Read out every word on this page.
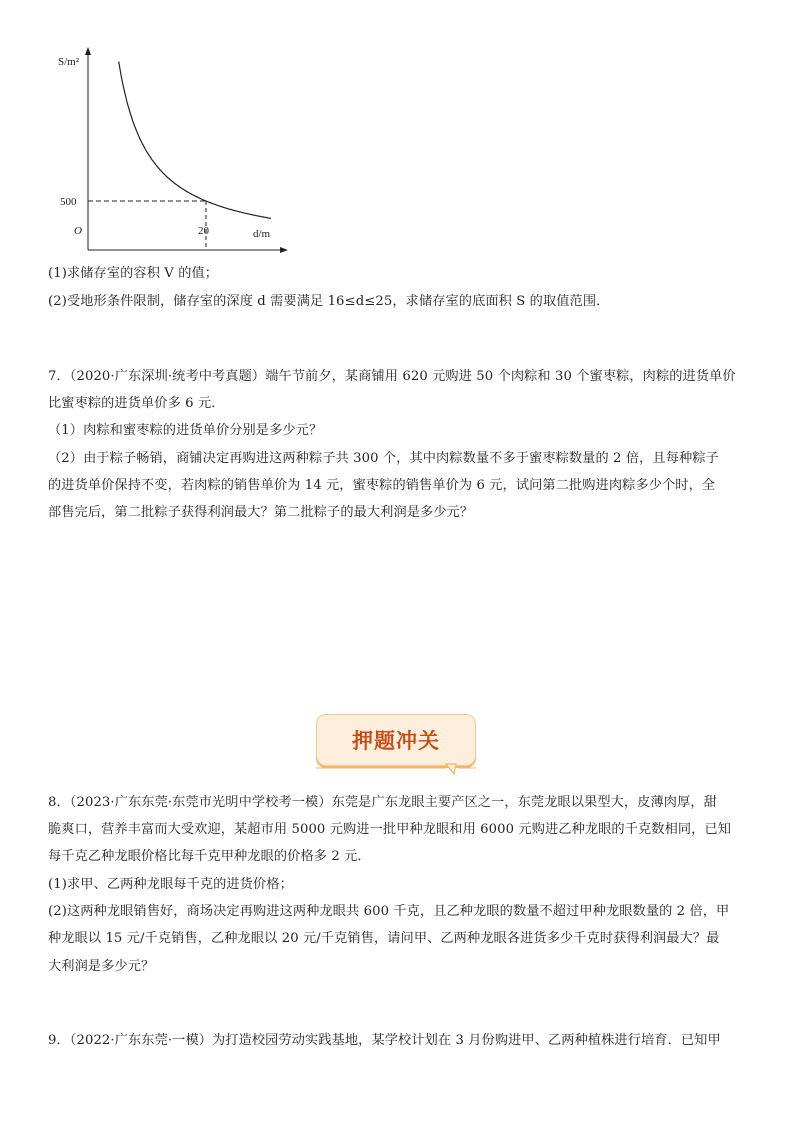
S/m²
500
O	20	d/m
(1)求储存室的容积 V 的值；
(2)受地形条件限制，储存室的深度 d 需要满足 16≤d≤25，求储存室的底面积 S 的取值范围．
7．（2020·广东深圳·统考中考真题）端午节前夕，某商铺用 620 元购进 50 个肉粽和 30 个蜜枣粽，肉粽的进货单价
比蜜枣粽的进货单价多 6 元．
（1）肉粽和蜜枣粽的进货单价分别是多少元？
（2）由于粽子畅销，商铺决定再购进这两种粽子共 300 个，其中肉粽数量不多于蜜枣粽数量的 2 倍，且每种粽子
的进货单价保持不变，若肉粽的销售单价为 14 元，蜜枣粽的销售单价为 6 元，试问第二批购进肉粽多少个时，全
部售完后，第二批粽子获得利润最大？第二批粽子的最大利润是多少元？
押题冲关
8．（2023·广东东莞·东莞市光明中学校考一模）东莞是广东龙眼主要产区之一，东莞龙眼以果型大，皮薄肉厚，甜
脆爽口，营养丰富而大受欢迎，某超市用 5000 元购进一批甲种龙眼和用 6000 元购进乙种龙眼的千克数相同，已知
每千克乙种龙眼价格比每千克甲种龙眼的价格多 2 元．
(1)求甲、乙两种龙眼每千克的进货价格；
(2)这两种龙眼销售好，商场决定再购进这两种龙眼共 600 千克，且乙种龙眼的数量不超过甲种龙眼数量的 2 倍，甲
种龙眼以 15 元/千克销售，乙种龙眼以 20 元/千克销售，请问甲、乙两种龙眼各进货多少千克时获得利润最大？最
大利润是多少元？
9．（2022·广东东莞·一模）为打造校园劳动实践基地，某学校计划在 3 月份购进甲、乙两种植株进行培育．已知甲
